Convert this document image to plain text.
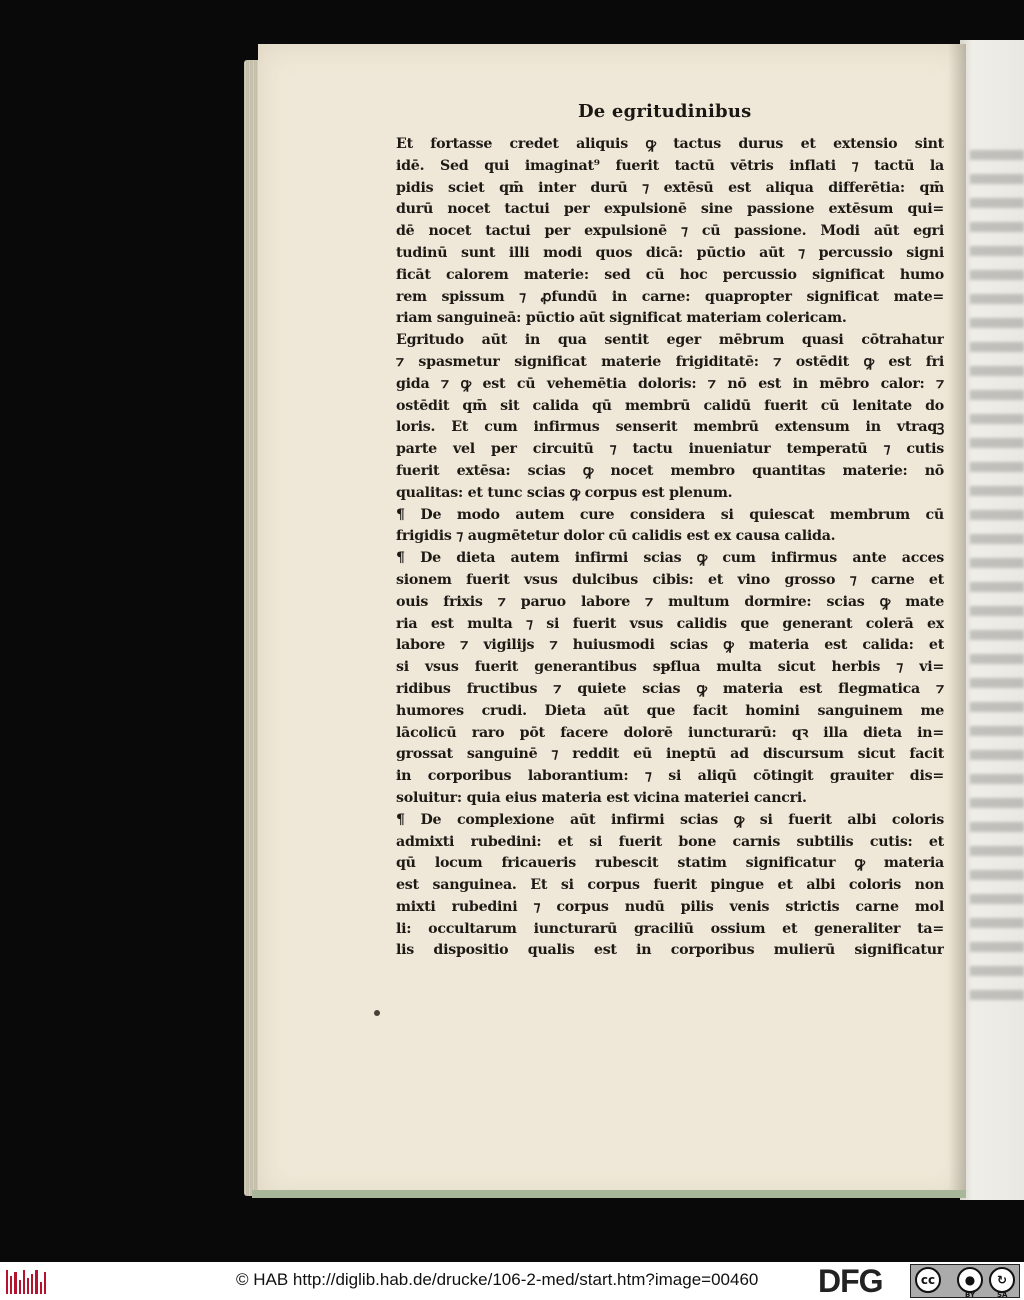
De egritudinibus
Et fortasse credet aliquis ꝙ tactus durus et extensio sint
idē. Sed qui imaginat⁹ fuerit tactū vētris inflati ⁊ tactū la
pidis sciet qm̄ inter durū ⁊ extēsū est aliqua differētia: qm̄
durū nocet tactui per expulsionē sine passione extēsum qui=
dē nocet tactui per expulsionē ⁊ cū passione. Modi aūt egri
tudinū sunt illi modi quos dicā: pūctio aūt ⁊ percussio signi
ficāt calorem materie: sed cū hoc percussio significat humo
rem spissum ⁊ ꝓfundū in carne: quapropter significat mate=
riam sanguineā: pūctio aūt significat materiam colericam.
Egritudo aūt in qua sentit eger mēbrum quasi cōtrahatur
⁊ spasmetur significat materie frigiditatē: ⁊ ostēdit ꝙ est fri
gida ⁊ ꝙ est cū vehemētia doloris: ⁊ nō est in mēbro calor: ⁊
ostēdit qm̄ sit calida qū membrū calidū fuerit cū lenitate do
loris. Et cum infirmus senserit membrū extensum in vtraqꝫ
parte vel per circuitū ⁊ tactu inueniatur temperatū ⁊ cutis
fuerit extēsa: scias ꝙ nocet membro quantitas materie: nō
qualitas: et tunc scias ꝙ corpus est plenum.
¶ De modo autem cure considera si quiescat membrum cū
frigidis ⁊ augmētetur dolor cū calidis est ex causa calida.
¶ De dieta autem infirmi scias ꝙ cum infirmus ante acces
sionem fuerit vsus dulcibus cibis: et vino grosso ⁊ carne et
ouis frixis ⁊ paruo labore ⁊ multum dormire: scias ꝙ mate
ria est multa ⁊ si fuerit vsus calidis que generant colerā ex
labore ⁊ vigilijs ⁊ huiusmodi scias ꝙ materia est calida: et
si vsus fuerit generantibus sᵽflua multa sicut herbis ⁊ vi=
ridibus fructibus ⁊ quiete scias ꝙ materia est flegmatica ⁊
humores crudi. Dieta aūt que facit homini sanguinem me
lācolicū raro pōt facere dolorē iuncturarū: qꝛ illa dieta in=
grossat sanguinē ⁊ reddit eū ineptū ad discursum sicut facit
in corporibus laborantium: ⁊ si aliqū cōtingit grauiter dis=
soluitur: quia eius materia est vicina materiei cancri.
¶ De complexione aūt infirmi scias ꝙ si fuerit albi coloris
admixti rubedini: et si fuerit bone carnis subtilis cutis: et
qū locum fricaueris rubescit statim significatur ꝙ materia
est sanguinea. Et si corpus fuerit pingue et albi coloris non
mixti rubedini ⁊ corpus nudū pilis venis strictis carne mol
li: occultarum iuncturarū graciliū ossium et generaliter ta=
lis dispositio qualis est in corporibus mulierū significatur
© HAB http://diglib.hab.de/drucke/106-2-med/start.htm?image=00460 DFG	cc	●	↻
BY	SA
